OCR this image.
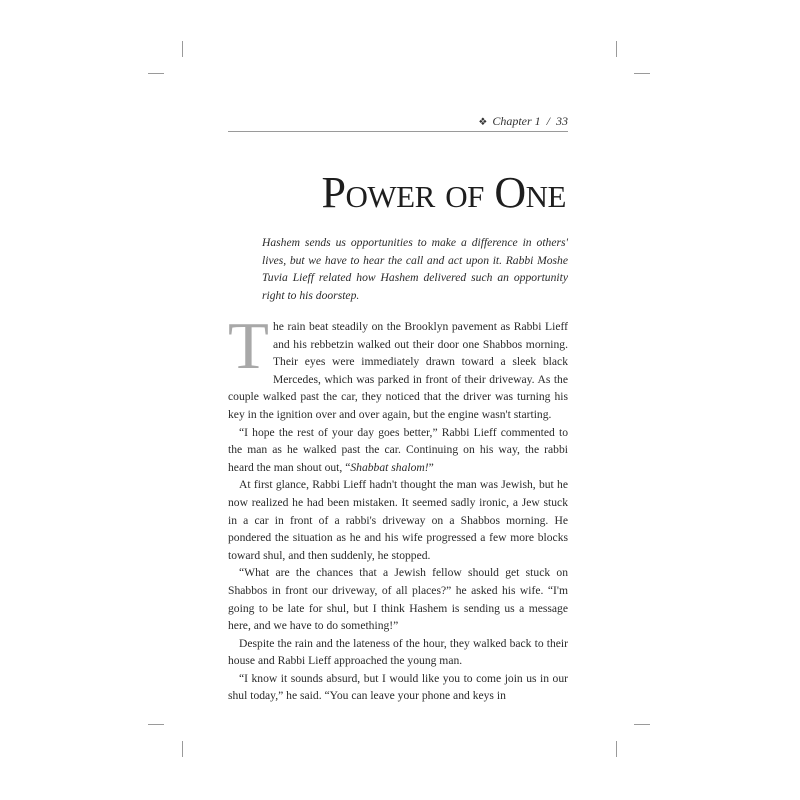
❖ Chapter 1 / 33
Power of One
Hashem sends us opportunities to make a difference in others' lives, but we have to hear the call and act upon it. Rabbi Moshe Tuvia Lieff related how Hashem delivered such an opportunity right to his doorstep.

The rain beat steadily on the Brooklyn pavement as Rabbi Lieff and his rebbetzin walked out their door one Shabbos morning. Their eyes were immediately drawn toward a sleek black Mercedes, which was parked in front of their driveway. As the couple walked past the car, they noticed that the driver was turning his key in the ignition over and over again, but the engine wasn't starting.

“I hope the rest of your day goes better,” Rabbi Lieff commented to the man as he walked past the car. Continuing on his way, the rabbi heard the man shout out, “Shabbat shalom!”

At first glance, Rabbi Lieff hadn't thought the man was Jewish, but he now realized he had been mistaken. It seemed sadly ironic, a Jew stuck in a car in front of a rabbi's driveway on a Shabbos morning. He pondered the situation as he and his wife progressed a few more blocks toward shul, and then suddenly, he stopped.

“What are the chances that a Jewish fellow should get stuck on Shabbos in front our driveway, of all places?” he asked his wife. “I'm going to be late for shul, but I think Hashem is sending us a message here, and we have to do something!”

Despite the rain and the lateness of the hour, they walked back to their house and Rabbi Lieff approached the young man.

“I know it sounds absurd, but I would like you to come join us in our shul today,” he said. “You can leave your phone and keys in
